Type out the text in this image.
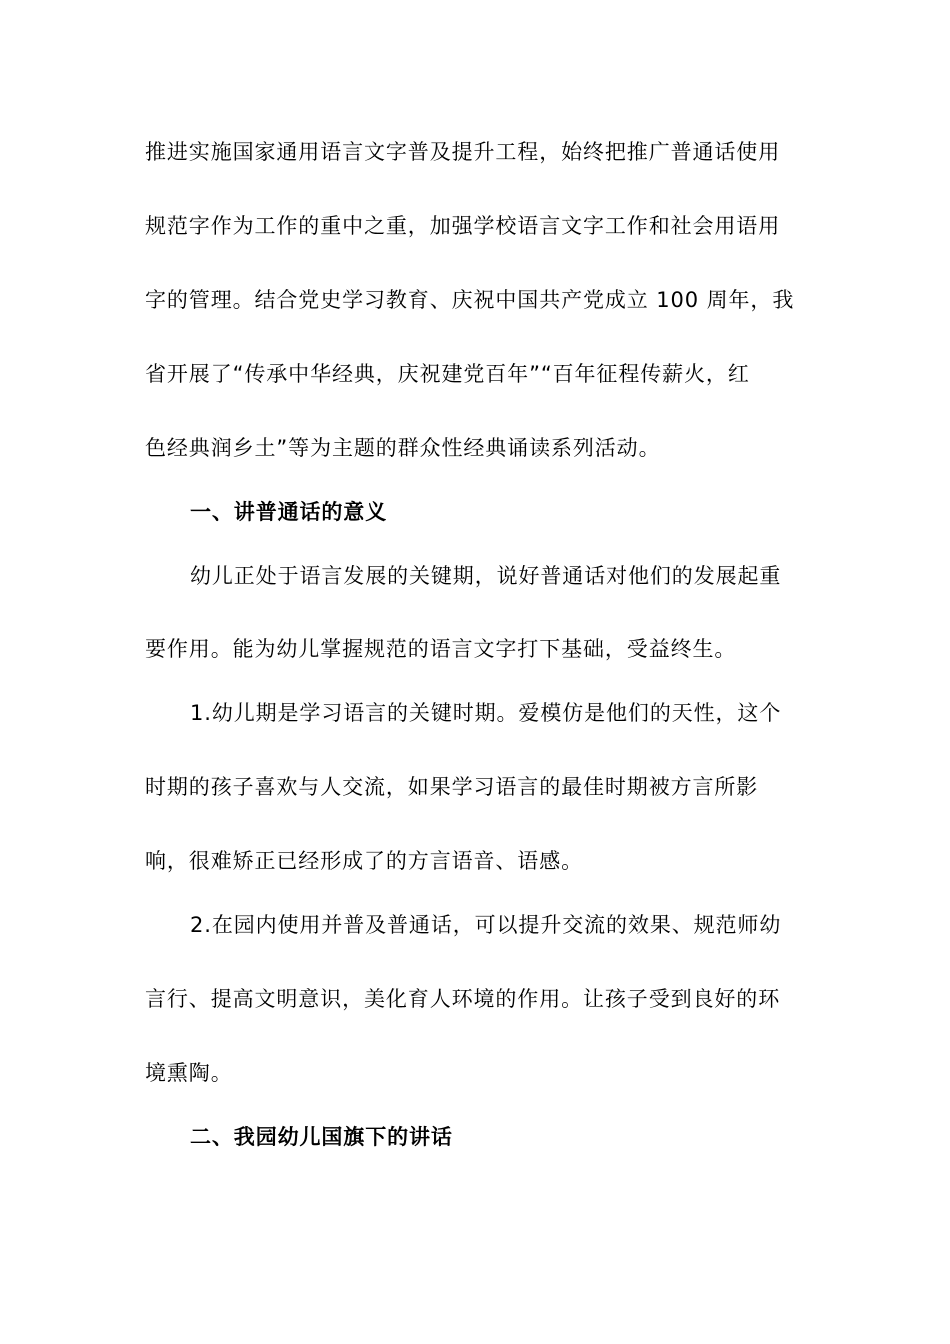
推进实施国家通用语言文字普及提升工程，始终把推广普通话使用
规范字作为工作的重中之重，加强学校语言文字工作和社会用语用
字的管理。结合党史学习教育、庆祝中国共产党成立 100 周年，我
省开展了“传承中华经典，庆祝建党百年”“百年征程传薪火，红
色经典润乡土”等为主题的群众性经典诵读系列活动。
一、讲普通话的意义
幼儿正处于语言发展的关键期，说好普通话对他们的发展起重
要作用。能为幼儿掌握规范的语言文字打下基础，受益终生。
1.幼儿期是学习语言的关键时期。爱模仿是他们的天性，这个
时期的孩子喜欢与人交流，如果学习语言的最佳时期被方言所影
响，很难矫正已经形成了的方言语音、语感。
2.在园内使用并普及普通话，可以提升交流的效果、规范师幼
言行、提高文明意识，美化育人环境的作用。让孩子受到良好的环
境熏陶。
二、我园幼儿国旗下的讲话
